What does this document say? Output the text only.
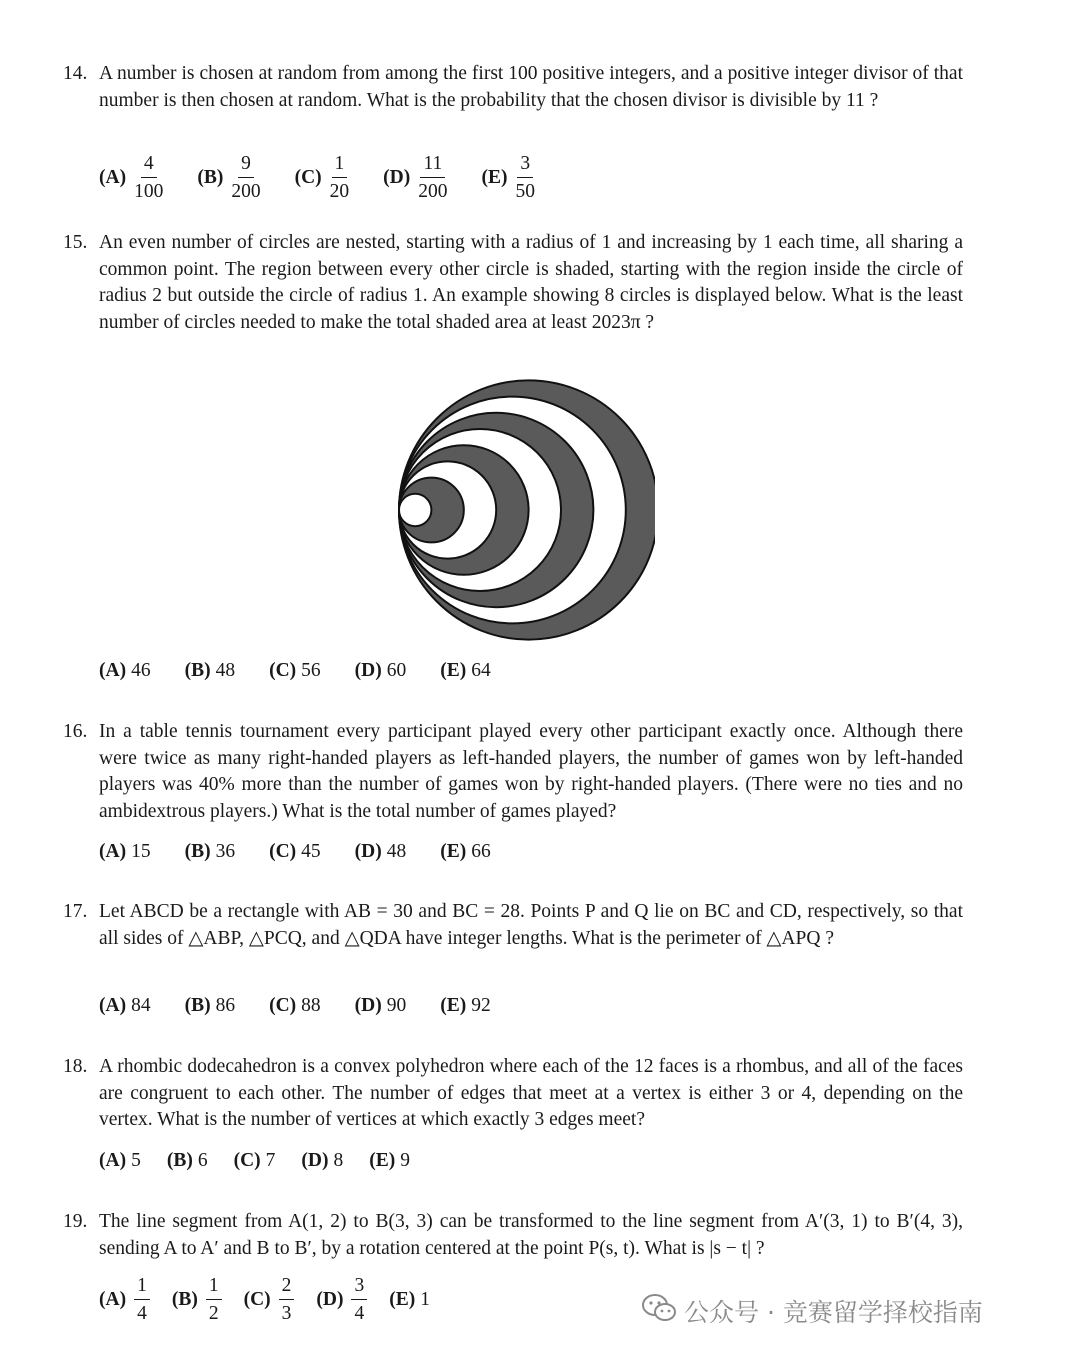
14. A number is chosen at random from among the first 100 positive integers, and a positive integer divisor of that number is then chosen at random. What is the probability that the chosen divisor is divisible by 11 ?
$(A) \frac{4}{100} (B) \frac{9}{200} (C) \frac{1}{20} (D) \frac{11}{200} (E) \frac{3}{50}$
15. An even number of circles are nested, starting with a radius of 1 and increasing by 1 each time, all sharing a common point. The region between every other circle is shaded, starting with the region inside the circle of radius 2 but outside the circle of radius 1. An example showing 8 circles is displayed below. What is the least number of circles needed to make the total shaded area at least 2023π ?
(A) 46 (B) 48 (C) 56 (D) 60 (E) 64
16. In a table tennis tournament every participant played every other participant exactly once. Although there were twice as many right-handed players as left-handed players, the number of games won by left-handed players was 40% more than the number of games won by right-handed players. (There were no ties and no ambidextrous players.) What is the total number of games played?
(A) 15 (B) 36 (C) 45 (D) 48 (E) 66
17. Let ABCD be a rectangle with AB = 30 and BC = 28. Points P and Q lie on BC and CD, respectively, so that all sides of △ABP, △PCQ, and △QDA have integer lengths. What is the perimeter of △APQ ?
(A) 84 (B) 86 (C) 88 (D) 90 (E) 92
18. A rhombic dodecahedron is a convex polyhedron where each of the 12 faces is a rhombus, and all of the faces are congruent to each other. The number of edges that meet at a vertex is either 3 or 4, depending on the vertex. What is the number of vertices at which exactly 3 edges meet?
(A) 5 (B) 6 (C) 7 (D) 8 (E) 9
19. The line segment from A(1, 2) to B(3, 3) can be transformed to the line segment from A′(3, 1) to B′(4, 3), sending A to A′ and B to B′, by a rotation centered at the point P(s, t). What is |s − t| ?
$(A) \frac{1}{4} (B) \frac{1}{2} (C) \frac{2}{3} (D) \frac{3}{4} (E)$ 1	公众号 · 竞赛留学择校指南
